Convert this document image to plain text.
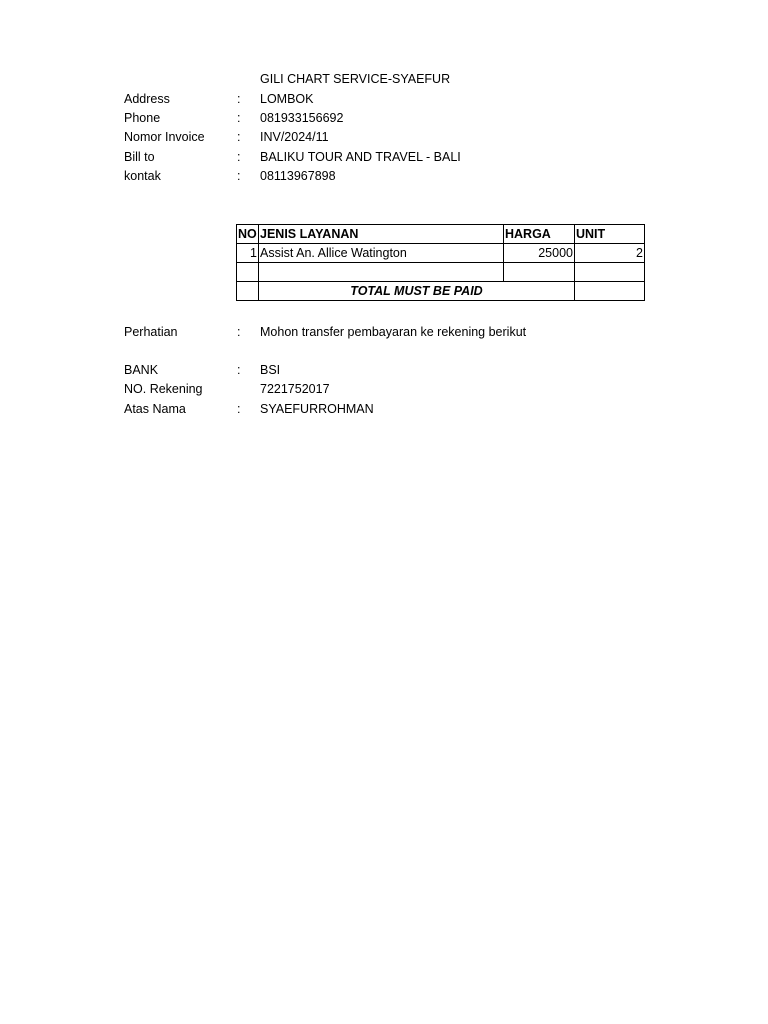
GILI CHART SERVICE-SYAEFUR
Address	: LOMBOK
Phone	: 081933156692
Nomor Invoice	: INV/2024/11
Bill to	: BALIKU TOUR AND TRAVEL - BALI
kontak	: 08113967898
NO	JENIS LAYANAN	HARGA	UNIT
1	Assist An. Allice Watington	25000	2

	TOTAL MUST BE PAID		
Perhatian	: Mohon transfer pembayaran ke rekening berikut
BANK	: BSI
NO. Rekening	7221752017
Atas Nama	: SYAEFURROHMAN
